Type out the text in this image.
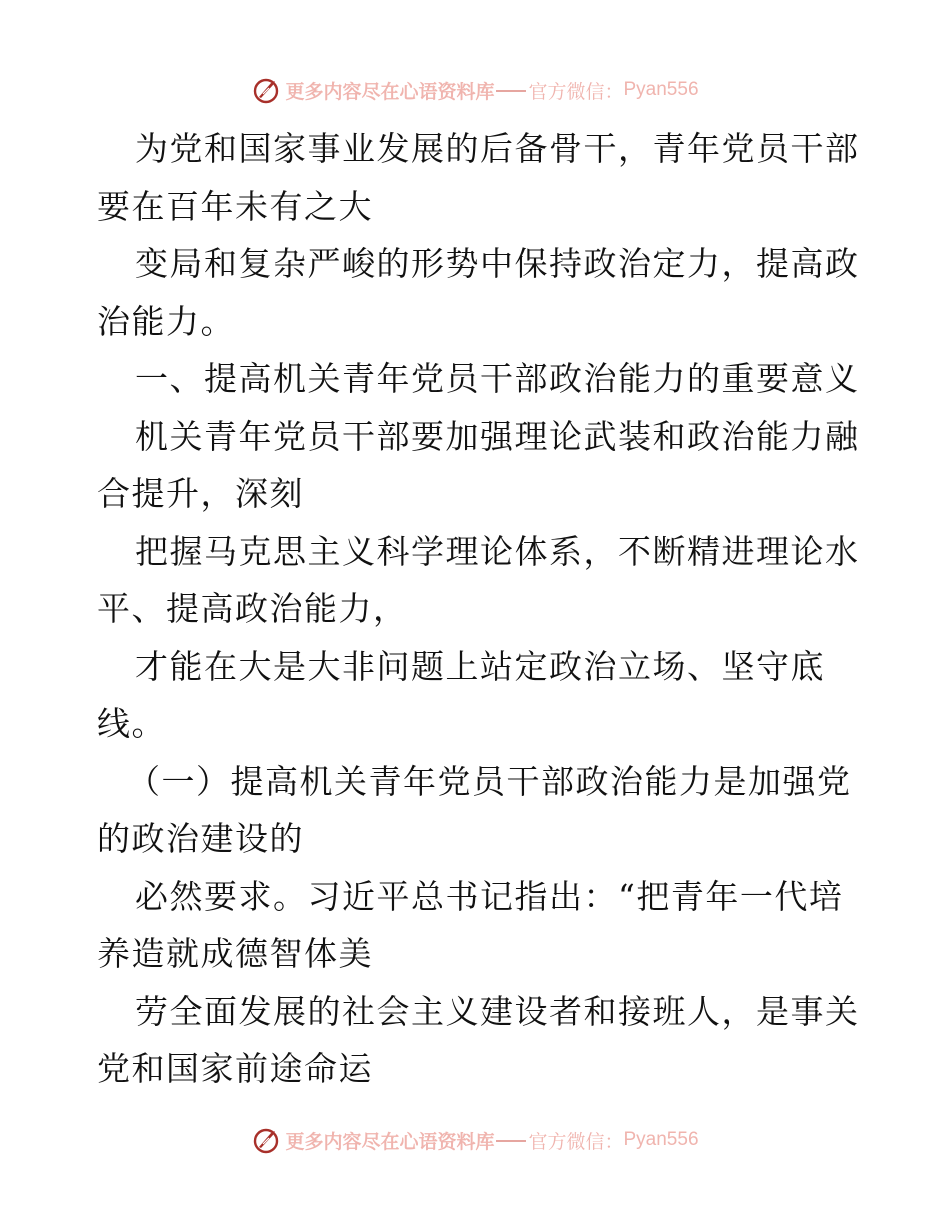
更多内容尽在心语资料库 官方微信： Pyan556
为党和国家事业发展的后备骨干，青年党员干部
要在百年未有之大
变局和复杂严峻的形势中保持政治定力，提高政
治能力。
一、提高机关青年党员干部政治能力的重要意义
机关青年党员干部要加强理论武装和政治能力融
合提升，深刻
把握马克思主义科学理论体系，不断精进理论水
平、提高政治能力，
才能在大是大非问题上站定政治立场、坚守底
线。
（一）提高机关青年党员干部政治能力是加强党
的政治建设的
必然要求。习近平总书记指出：“把青年一代培
养造就成德智体美
劳全面发展的社会主义建设者和接班人，是事关
党和国家前途命运
更多内容尽在心语资料库 官方微信： Pyan556
